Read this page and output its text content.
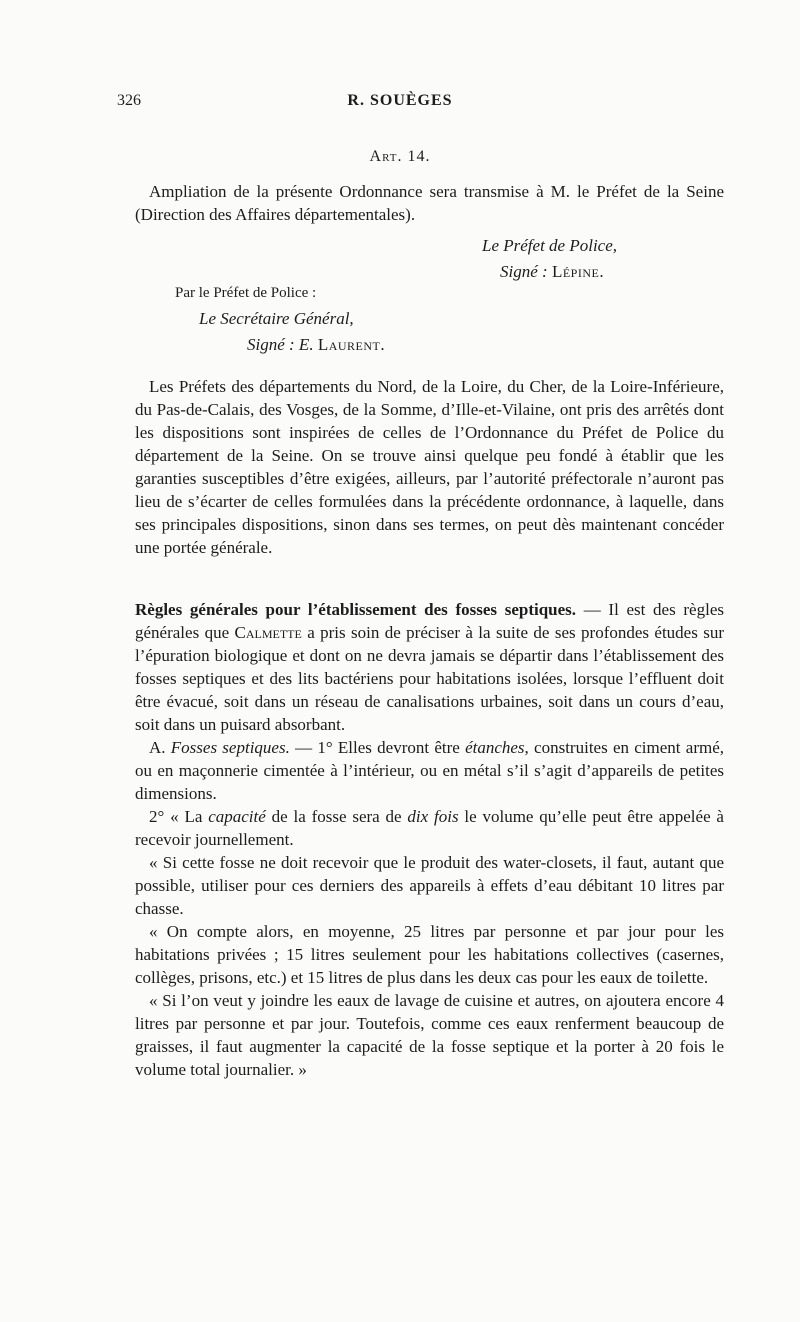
326	R. SOUÈGES
Art. 14.

Ampliation de la présente Ordonnance sera transmise à M. le Préfet de la Seine (Direction des Affaires départementales).

Le Préfet de Police,
Signé : Lépine.
Par le Préfet de Police :
Le Secrétaire Général,
Signé : E. Laurent.

Les Préfets des départements du Nord, de la Loire, du Cher, de la Loire-Inférieure, du Pas-de-Calais, des Vosges, de la Somme, d’Ille-et-Vilaine, ont pris des arrêtés dont les dispositions sont inspirées de celles de l’Ordonnance du Préfet de Police du département de la Seine. On se trouve ainsi quelque peu fondé à établir que les garanties susceptibles d’être exigées, ailleurs, par l’autorité préfectorale n’auront pas lieu de s’écarter de celles formulées dans la précédente ordonnance, à laquelle, dans ses principales dispositions, sinon dans ses termes, on peut dès maintenant concéder une portée générale.

Règles générales pour l’établissement des fosses septiques. — Il est des règles générales que Calmette a pris soin de préciser à la suite de ses profondes études sur l’épuration biologique et dont on ne devra jamais se départir dans l’établissement des fosses septiques et des lits bactériens pour habitations isolées, lorsque l’effluent doit être évacué, soit dans un réseau de canalisations urbaines, soit dans un cours d’eau, soit dans un puisard absorbant.

A. Fosses septiques. — 1° Elles devront être étanches, construites en ciment armé, ou en maçonnerie cimentée à l’intérieur, ou en métal s’il s’agit d’appareils de petites dimensions.

2° « La capacité de la fosse sera de dix fois le volume qu’elle peut être appelée à recevoir journellement.

« Si cette fosse ne doit recevoir que le produit des water-closets, il faut, autant que possible, utiliser pour ces derniers des appareils à effets d’eau débitant 10 litres par chasse.

« On compte alors, en moyenne, 25 litres par personne et par jour pour les habitations privées ; 15 litres seulement pour les habitations collectives (casernes, collèges, prisons, etc.) et 15 litres de plus dans les deux cas pour les eaux de toilette.

« Si l’on veut y joindre les eaux de lavage de cuisine et autres, on ajoutera encore 4 litres par personne et par jour. Toutefois, comme ces eaux renferment beaucoup de graisses, il faut augmenter la capacité de la fosse septique et la porter à 20 fois le volume total journalier. »
